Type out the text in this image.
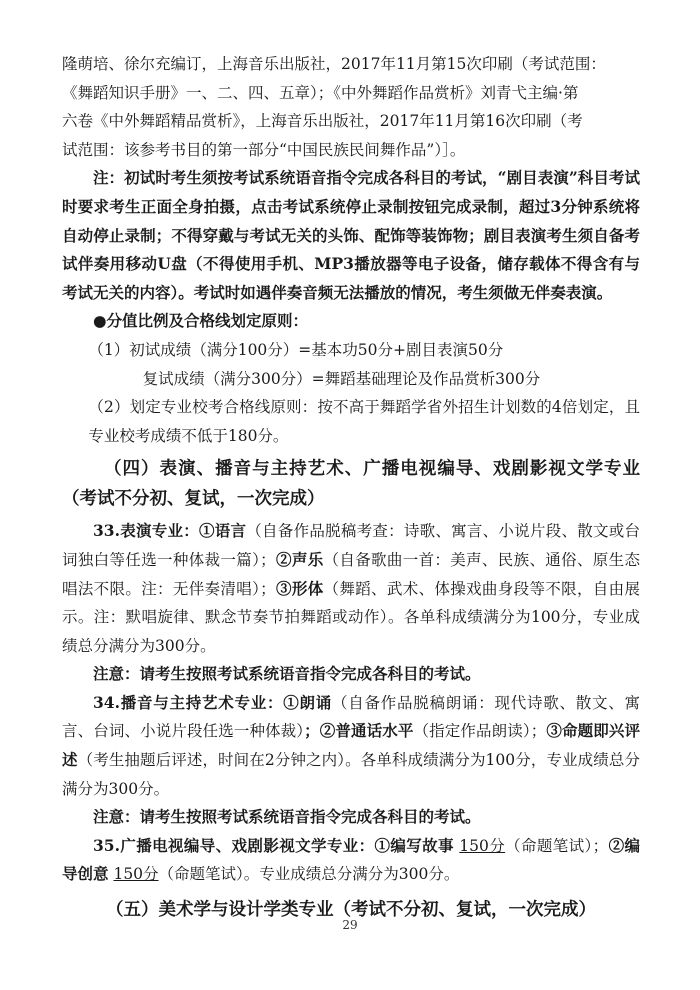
隆萌培、徐尔充编订，上海音乐出版社，2017年11月第15次印刷（考试范围：

《舞蹈知识手册》一、二、四、五章）；《中外舞蹈作品赏析》刘青弋主编·第

六卷《中外舞蹈精品赏析》，上海音乐出版社，2017年11月第16次印刷（考

试范围：该参考书目的第一部分“中国民族民间舞作品”）］。

注：初试时考生须按考试系统语音指令完成各科目的考试，“剧目表演”科目考试时要求考生正面全身拍摄，点击考试系统停止录制按钮完成录制，超过3分钟系统将自动停止录制；不得穿戴与考试无关的头饰、配饰等装饰物；剧目表演考生须自备考试伴奏用移动U盘（不得使用手机、MP3播放器等电子设备，储存载体不得含有与考试无关的内容）。考试时如遇伴奏音频无法播放的情况，考生须做无伴奏表演。

●分值比例及合格线划定原则：

（1）初试成绩（满分100分）=基本功50分+剧目表演50分

复试成绩（满分300分）=舞蹈基础理论及作品赏析300分

（2）划定专业校考合格线原则：按不高于舞蹈学省外招生计划数的4倍划定，且专业校考成绩不低于180分。

（四）表演、播音与主持艺术、广播电视编导、戏剧影视文学专业（考试不分初、复试，一次完成）

33.表演专业：①语言（自备作品脱稿考查：诗歌、寓言、小说片段、散文或台词独白等任选一种体裁一篇）；②声乐（自备歌曲一首：美声、民族、通俗、原生态唱法不限。注：无伴奏清唱）；③形体（舞蹈、武术、体操戏曲身段等不限，自由展示。注：默唱旋律、默念节奏节拍舞蹈或动作）。各单科成绩满分为100分，专业成绩总分满分为300分。

注意：请考生按照考试系统语音指令完成各科目的考试。

34.播音与主持艺术专业：①朗诵（自备作品脱稿朗诵：现代诗歌、散文、寓言、台词、小说片段任选一种体裁）；②普通话水平（指定作品朗读）；③命题即兴评述（考生抽题后评述，时间在2分钟之内）。各单科成绩满分为100分，专业成绩总分满分为300分。

注意：请考生按照考试系统语音指令完成各科目的考试。

35.广播电视编导、戏剧影视文学专业：①编写故事 150分（命题笔试）；②编导创意 150分（命题笔试）。专业成绩总分满分为300分。

（五）美术学与设计学类专业（考试不分初、复试，一次完成）

29
